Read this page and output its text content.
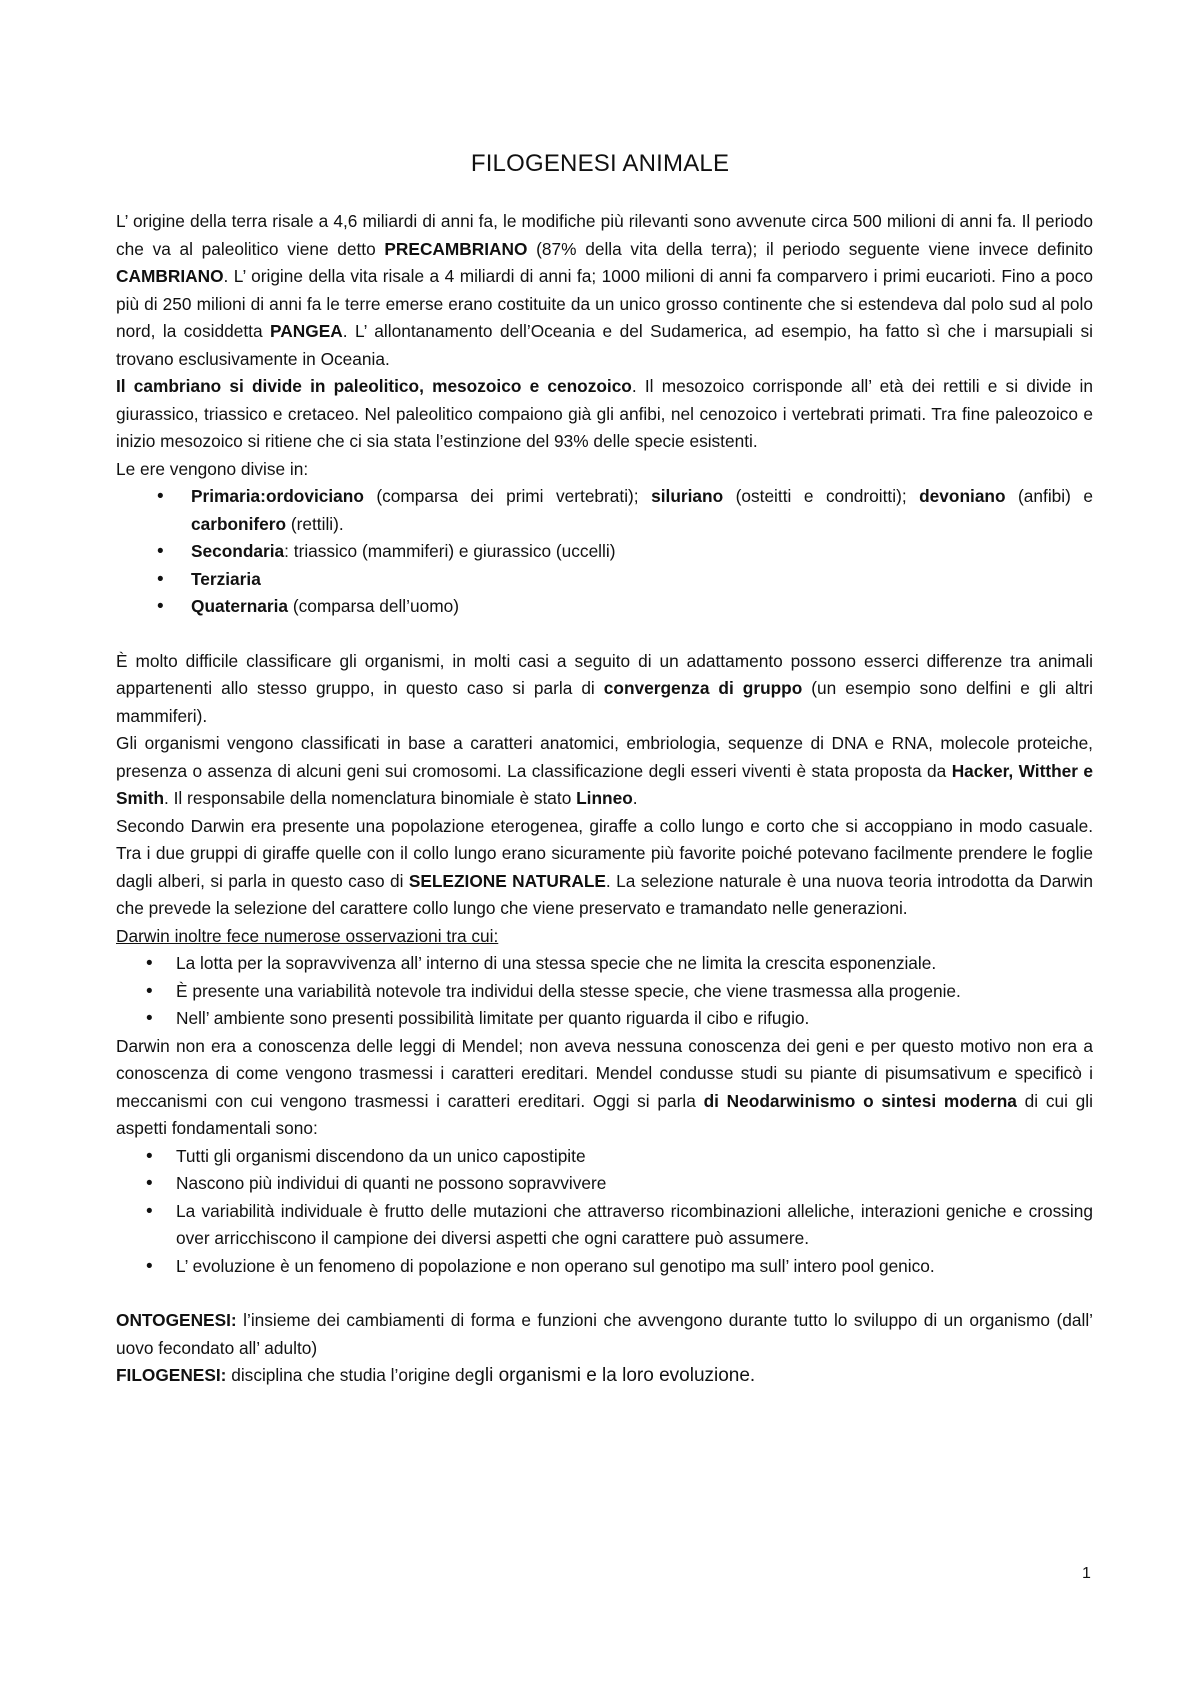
FILOGENESI ANIMALE

L’ origine della terra risale a 4,6 miliardi di anni fa, le modifiche più rilevanti sono avvenute circa 500 milioni di anni fa. Il periodo che va al paleolitico viene detto PRECAMBRIANO (87% della vita della terra); il periodo seguente viene invece definito CAMBRIANO. L’ origine della vita risale a 4 miliardi di anni fa; 1000 milioni di anni fa comparvero i primi eucarioti. Fino a poco più di 250 milioni di anni fa le terre emerse erano costituite da un unico grosso continente che si estendeva dal polo sud al polo nord, la cosiddetta PANGEA. L’ allontanamento dell’Oceania e del Sudamerica, ad esempio, ha fatto sì che i marsupiali si trovano esclusivamente in Oceania.

Il cambriano si divide in paleolitico, mesozoico e cenozoico. Il mesozoico corrisponde all’ età dei rettili e si divide in giurassico, triassico e cretaceo. Nel paleolitico compaiono già gli anfibi, nel cenozoico i vertebrati primati. Tra fine paleozoico e inizio mesozoico si ritiene che ci sia stata l’estinzione del 93% delle specie esistenti.

Le ere vengono divise in:

• Primaria:ordoviciano (comparsa dei primi vertebrati); siluriano (osteitti e condroitti); devoniano (anfibi) e carbonifero (rettili).
• Secondaria: triassico (mammiferi) e giurassico (uccelli)
• Terziaria
• Quaternaria (comparsa dell’uomo)

È molto difficile classificare gli organismi, in molti casi a seguito di un adattamento possono esserci differenze tra animali appartenenti allo stesso gruppo, in questo caso si parla di convergenza di gruppo (un esempio sono delfini e gli altri mammiferi).

Gli organismi vengono classificati in base a caratteri anatomici, embriologia, sequenze di DNA e RNA, molecole proteiche, presenza o assenza di alcuni geni sui cromosomi. La classificazione degli esseri viventi è stata proposta da Hacker, Witther e Smith. Il responsabile della nomenclatura binomiale è stato Linneo.

Secondo Darwin era presente una popolazione eterogenea, giraffe a collo lungo e corto che si accoppiano in modo casuale. Tra i due gruppi di giraffe quelle con il collo lungo erano sicuramente più favorite poiché potevano facilmente prendere le foglie dagli alberi, si parla in questo caso di SELEZIONE NATURALE. La selezione naturale è una nuova teoria introdotta da Darwin che prevede la selezione del carattere collo lungo che viene preservato e tramandato nelle generazioni.

Darwin inoltre fece numerose osservazioni tra cui:

• La lotta per la sopravvivenza all’ interno di una stessa specie che ne limita la crescita esponenziale.
• È presente una variabilità notevole tra individui della stesse specie, che viene trasmessa alla progenie.
• Nell’ ambiente sono presenti possibilità limitate per quanto riguarda il cibo e rifugio.

Darwin non era a conoscenza delle leggi di Mendel; non aveva nessuna conoscenza dei geni e per questo motivo non era a conoscenza di come vengono trasmessi i caratteri ereditari. Mendel condusse studi su piante di pisumsativum e specificò i meccanismi con cui vengono trasmessi i caratteri ereditari. Oggi si parla di Neodarwinismo o sintesi moderna di cui gli aspetti fondamentali sono:

• Tutti gli organismi discendono da un unico capostipite
• Nascono più individui di quanti ne possono sopravvivere
• La variabilità individuale è frutto delle mutazioni che attraverso ricombinazioni alleliche, interazioni geniche e crossing over arricchiscono il campione dei diversi aspetti che ogni carattere può assumere.
• L’ evoluzione è un fenomeno di popolazione e non operano sul genotipo ma sull’ intero pool genico.

ONTOGENESI: l’insieme dei cambiamenti di forma e funzioni che avvengono durante tutto lo sviluppo di un organismo (dall’ uovo fecondato all’ adulto)

FILOGENESI: disciplina che studia l’origine degli organismi e la loro evoluzione.

1
